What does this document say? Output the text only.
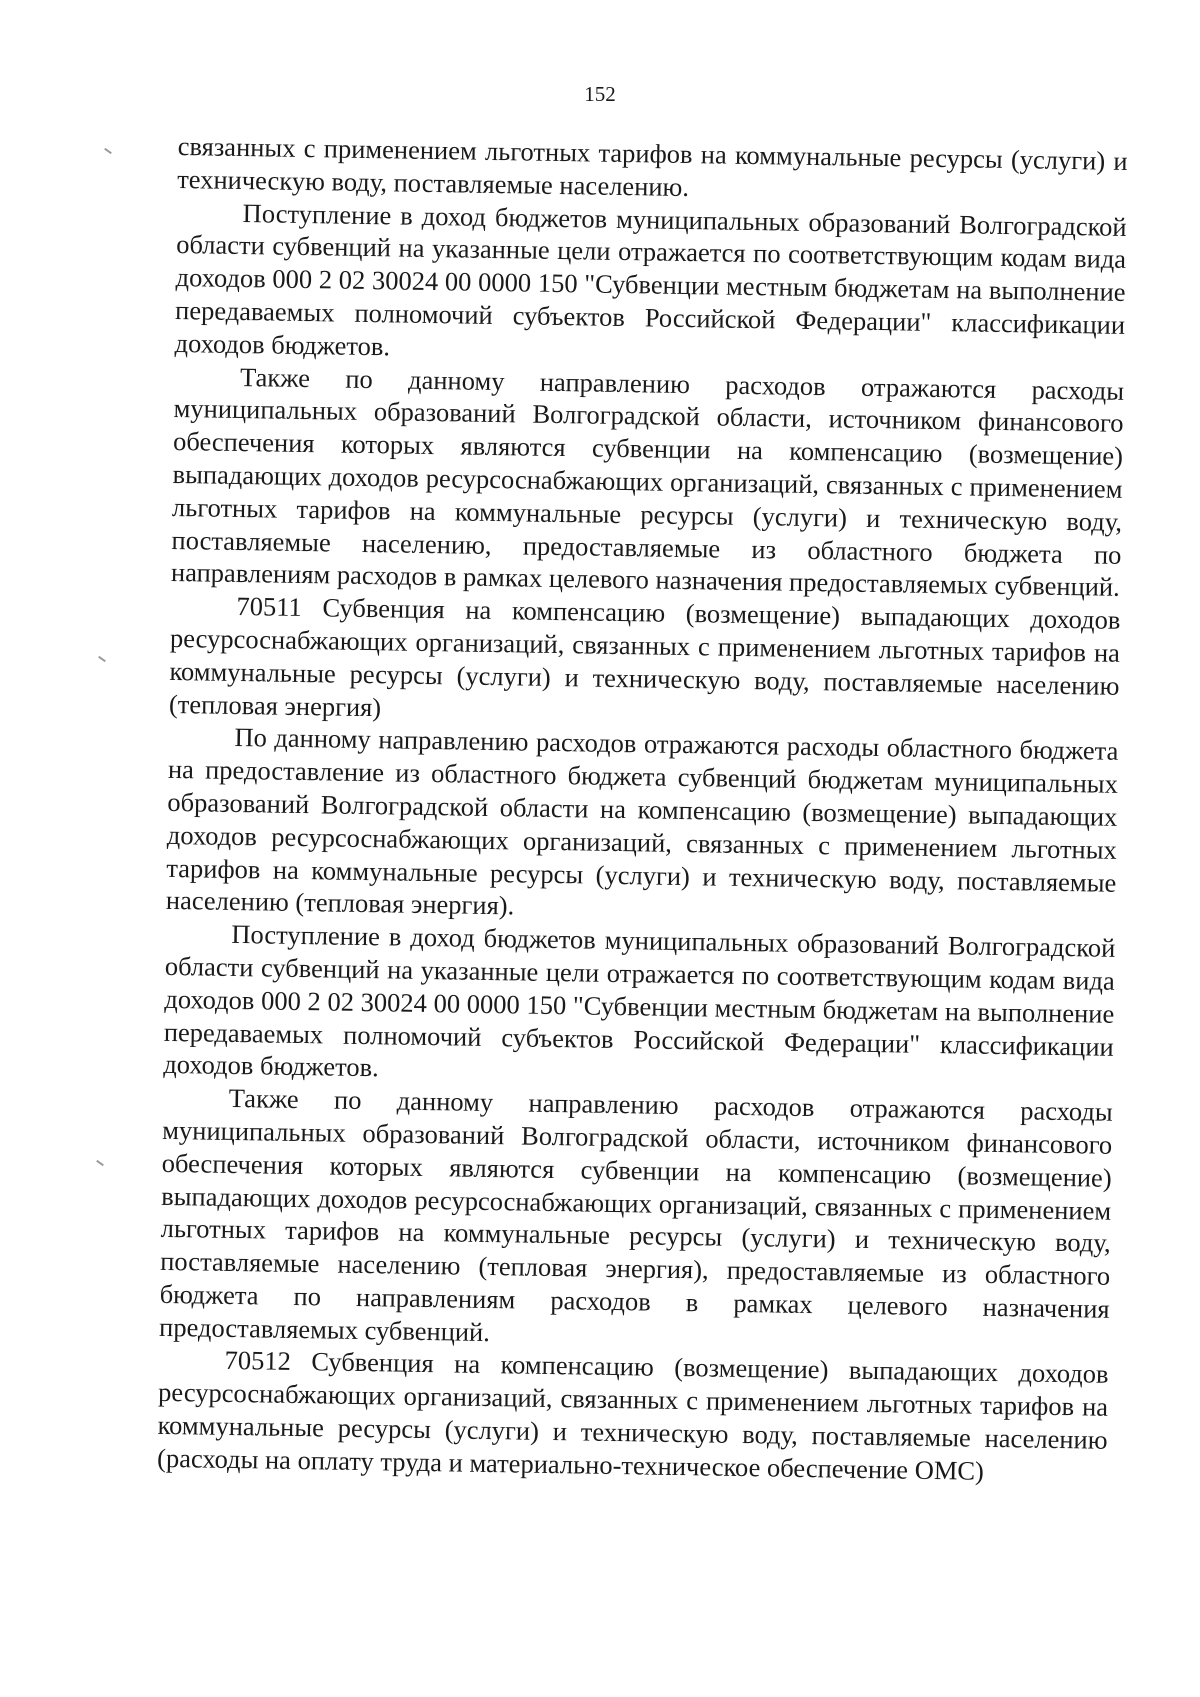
152

связанных с применением льготных тарифов на коммунальные ресурсы (услуги) и техническую воду, поставляемые населению.

Поступление в доход бюджетов муниципальных образований Волгоградской области субвенций на указанные цели отражается по соответствующим кодам вида доходов 000 2 02 30024 00 0000 150 "Субвенции местным бюджетам на выполнение передаваемых полномочий субъектов Российской Федерации" классификации доходов бюджетов.

Также по данному направлению расходов отражаются расходы муниципальных образований Волгоградской области, источником финансового обеспечения которых являются субвенции на компенсацию (возмещение) выпадающих доходов ресурсоснабжающих организаций, связанных с применением льготных тарифов на коммунальные ресурсы (услуги) и техническую воду, поставляемые населению, предоставляемые из областного бюджета по направлениям расходов в рамках целевого назначения предоставляемых субвенций.

70511 Субвенция на компенсацию (возмещение) выпадающих доходов ресурсоснабжающих организаций, связанных с применением льготных тарифов на коммунальные ресурсы (услуги) и техническую воду, поставляемые населению (тепловая энергия)

По данному направлению расходов отражаются расходы областного бюджета на предоставление из областного бюджета субвенций бюджетам муниципальных образований Волгоградской области на компенсацию (возмещение) выпадающих доходов ресурсоснабжающих организаций, связанных с применением льготных тарифов на коммунальные ресурсы (услуги) и техническую воду, поставляемые населению (тепловая энергия).

Поступление в доход бюджетов муниципальных образований Волгоградской области субвенций на указанные цели отражается по соответствующим кодам вида доходов 000 2 02 30024 00 0000 150 "Субвенции местным бюджетам на выполнение передаваемых полномочий субъектов Российской Федерации" классификации доходов бюджетов.

Также по данному направлению расходов отражаются расходы муниципальных образований Волгоградской области, источником финансового обеспечения которых являются субвенции на компенсацию (возмещение) выпадающих доходов ресурсоснабжающих организаций, связанных с применением льготных тарифов на коммунальные ресурсы (услуги) и техническую воду, поставляемые населению (тепловая энергия), предоставляемые из областного бюджета по направлениям расходов в рамках целевого назначения предоставляемых субвенций.

70512 Субвенция на компенсацию (возмещение) выпадающих доходов ресурсоснабжающих организаций, связанных с применением льготных тарифов на коммунальные ресурсы (услуги) и техническую воду, поставляемые населению (расходы на оплату труда и материально-техническое обеспечение ОМС)
